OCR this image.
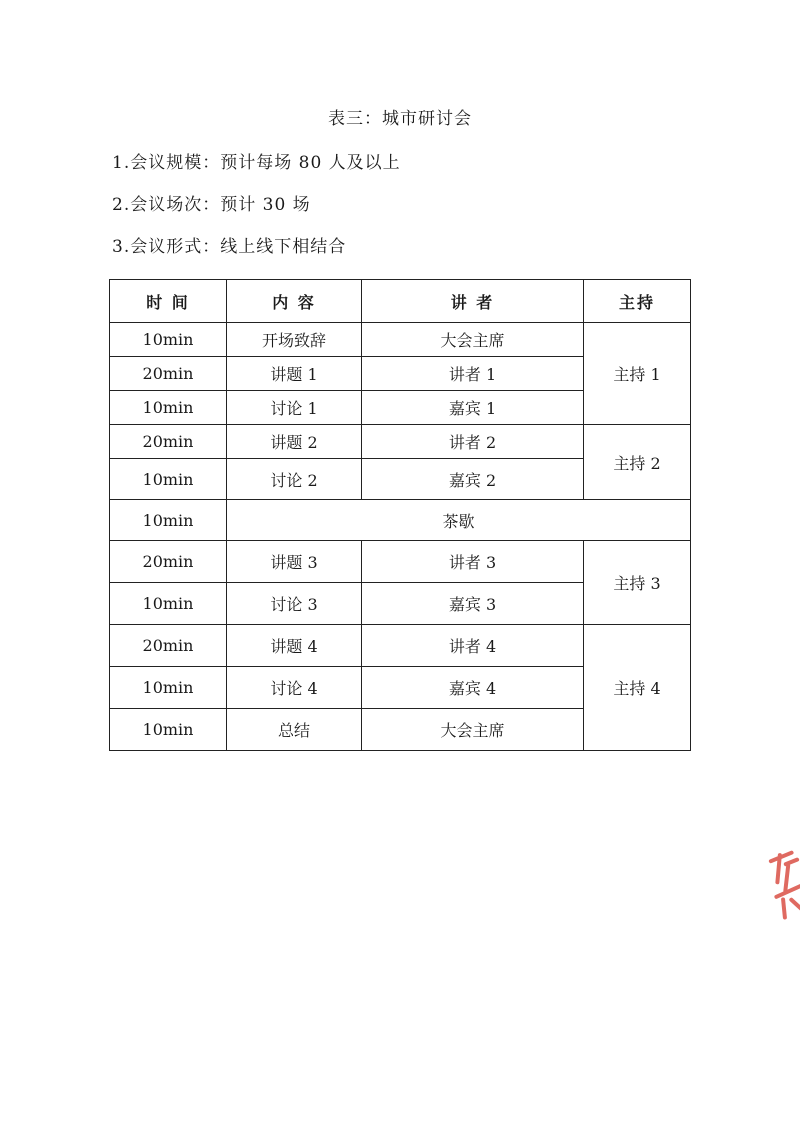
表三：城市研讨会
1.会议规模：预计每场 80 人及以上
2.会议场次：预计 30 场
3.会议形式：线上线下相结合
时 间	内 容	讲 者	主持
10min	开场致辞	大会主席	主持 1
20min	讲题 1	讲者 1	
10min	讨论 1	嘉宾 1	
20min	讲题 2	讲者 2	主持 2
10min	讨论 2	嘉宾 2	
10min	茶歇		
20min	讲题 3	讲者 3	主持 3
10min	讨论 3	嘉宾 3	
20min	讲题 4	讲者 4	主持 4
10min	讨论 4	嘉宾 4	
10min	总结	大会主席	
